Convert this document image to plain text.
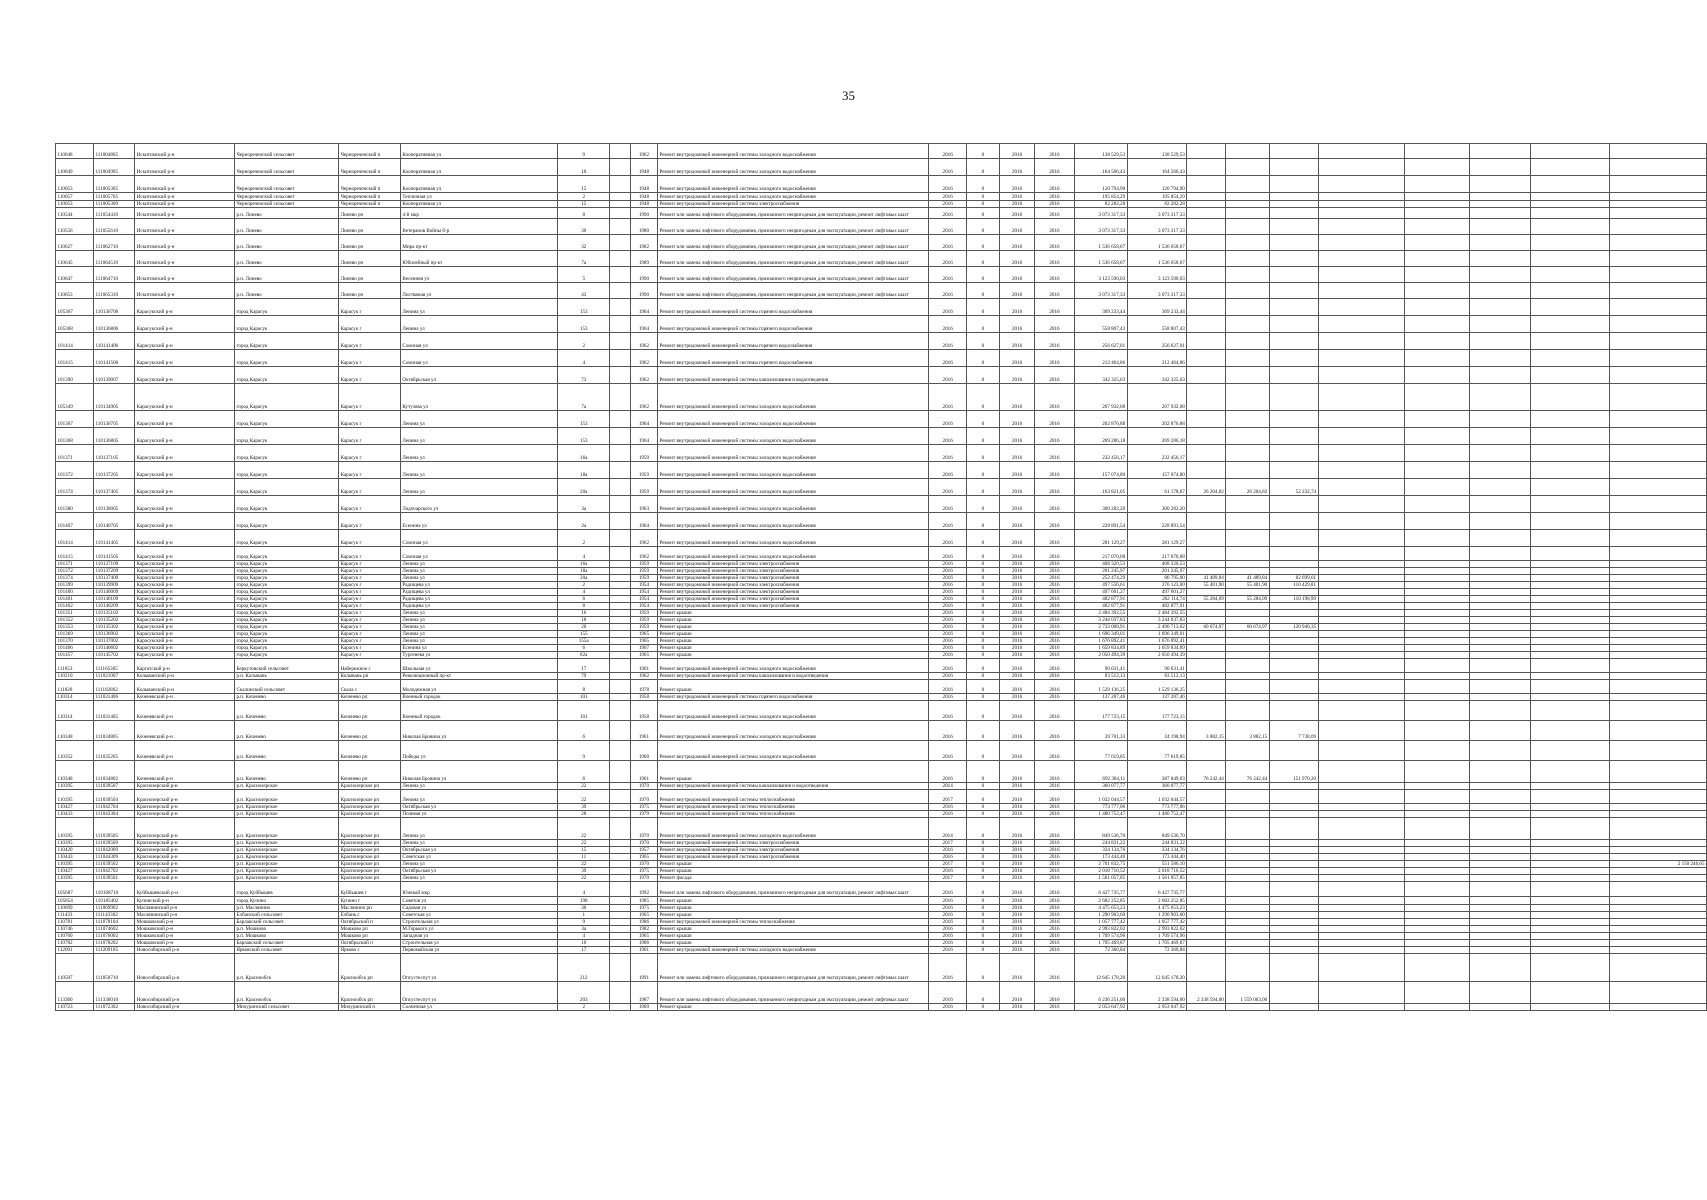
35
110048	111004805	Искитимский р-н	Чернореченский сельсовет	Чернореченский п	Кооперативная ул	9		1962	Ремонт внутридомовой инженерной системы холодного водоснабжения	2016	0	2016	2016	138 529,53	138 529,53								
110049	111004905	Искитимский р-н	Чернореченский сельсовет	Чернореченский п	Кооперативная ул	10		1948	Ремонт внутридомовой инженерной системы холодного водоснабжения	2016	0	2016	2016	164 566,43	164 566,43								
110053	111005305	Искитимский р-н	Чернореченский сельсовет	Чернореченский п	Кооперативная ул	15		1948	Ремонт внутридомовой инженерной системы холодного водоснабжения	2016	0	2016	2016	120 794,90	120 794,90								
110057	111005705	Искитимский р-н	Чернореченский сельсовет	Чернореченский п	Тепличная ул	2		1948	Ремонт внутридомовой инженерной системы холодного водоснабжения	2016	0	2016	2016	195 854,29	195 854,29								
110053	111005309	Искитимский р-н	Чернореченский сельсовет	Чернореченский п	Кооперативная ул	15		1948	Ремонт внутридомовой инженерной системы электроснабжения	2016	0	2016	2016	82 282,28	82 282,28								
110544	111054410	Искитимский р-н	р.п. Линево	Линево рп	4-й мкр	8		1990	Ремонт или замена лифтового оборудования, признанного непригодным для эксплуатации, ремонт лифтовых шахт	2016	0	2016	2016	3 073 317,33	3 073 317,33								
110556	111055610	Искитимский р-н	р.п. Линево	Линево рп	Ветеранов Войны б-р	30		1980	Ремонт или замена лифтового оборудования, признанного непригодным для эксплуатации, ремонт лифтовых шахт	2016	0	2016	2016	3 073 317,33	3 073 317,33								
110627	111062710	Искитимский р-н	р.п. Линево	Линево рп	Мира пр-кт	32		1982	Ремонт или замена лифтового оборудования, признанного непригодным для эксплуатации, ремонт лифтовых шахт	2016	0	2016	2016	1 536 658,67	1 536 658,67								
110645	111064510	Искитимский р-н	р.п. Линево	Линево рп	Юбилейный пр-кт	7а		1989	Ремонт или замена лифтового оборудования, признанного непригодным для эксплуатации, ремонт лифтовых шахт	2016	0	2016	2016	1 536 658,67	1 536 658,67								
110647	111064710	Искитимский р-н	р.п. Линево	Линево рп	Весенняя ул	5		1990	Ремонт или замена лифтового оборудования, признанного непригодным для эксплуатации, ремонт лифтовых шахт	2016	0	2016	2016	3 123 590,03	3 123 590,03								
110653	111065310	Искитимский р-н	р.п. Линево	Линево рп	Листвяная ул	43		1990	Ремонт или замена лифтового оборудования, признанного непригодным для эксплуатации, ремонт лифтовых шахт	2016	0	2016	2016	3 073 317,33	3 073 317,33								
105367	110136706	Карасукский р-н	город Карасук	Карасук г	Ленина ул	153		1964	Ремонт внутридомовой инженерной системы горячего водоснабжения	2016	0	2016	2016	369 233,44	369 233,44								
105368	110136806	Карасукский р-н	город Карасук	Карасук г	Ленина ул	153		1964	Ремонт внутридомовой инженерной системы горячего водоснабжения	2016	0	2016	2016	558 807,43	558 807,43								
101414	110141406	Карасукский р-н	город Карасук	Карасук г	Союзная ул	2		1962	Ремонт внутридомовой инженерной системы горячего водоснабжения	2016	0	2016	2016	256 627,01	256 627,01								
101415	110141506	Карасукский р-н	город Карасук	Карасук г	Союзная ул	4		1962	Ремонт внутридомовой инженерной системы горячего водоснабжения	2016	0	2016	2016	212 464,86	212 464,86								
101390	110139007	Карасукский р-н	город Карасук	Карасук г	Октябрьская ул	73		1962	Ремонт внутридомовой инженерной системы канализования и водоотведения	2016	0	2016	2016	342 325,63	342 325,63								
105349	110134905	Карасукский р-н	город Карасук	Карасук г	Кутузова ул	7а		1962	Ремонт внутридомовой инженерной системы холодного водоснабжения	2016	0	2016	2016	207 932,08	207 932,08								
101367	110136705	Карасукский р-н	город Карасук	Карасук г	Ленина ул	153		1964	Ремонт внутридомовой инженерной системы холодного водоснабжения	2016	0	2016	2016	202 876,88	202 876,88								
101368	110136805	Карасукский р-н	город Карасук	Карасук г	Ленина ул	153		1964	Ремонт внутридомовой инженерной системы холодного водоснабжения	2016	0	2016	2016	269 286,18	269 286,18								
101371	110137105	Карасукский р-н	город Карасук	Карасук г	Ленина ул	16а		1959	Ремонт внутридомовой инженерной системы холодного водоснабжения	2016	0	2016	2016	232 456,17	232 456,17								
101372	110137205	Карасукский р-н	город Карасук	Карасук г	Ленина ул	18а		1959	Ремонт внутридомовой инженерной системы холодного водоснабжения	2016	0	2016	2016	157 074,80	157 074,80								
101374	110137405	Карасукский р-н	город Карасук	Карасук г	Ленина ул	20а		1959	Ремонт внутридомовой инженерной системы холодного водоснабжения	2016	0	2016	2016	163 821,05	61 178,67	26 204,82	26 204,82	52 232,74					
101380	110138005	Карасукский р-н	город Карасук	Карасук г	Лодочарского ул	3а		1963	Ремонт внутридомовой инженерной системы холодного водоснабжения	2016	0	2016	2016	300 282,20	300 282,20								
101407	110140705	Карасукский р-н	город Карасук	Карасук г	Есенина ул	2а		1964	Ремонт внутридомовой инженерной системы холодного водоснабжения	2016	0	2016	2016	228 891,54	228 891,54								
101414	110141405	Карасукский р-н	город Карасук	Карасук г	Союзная ул	2		1962	Ремонт внутридомовой инженерной системы холодного водоснабжения	2016	0	2016	2016	281 129,27	281 129,27								
101415	110141505	Карасукский р-н	город Карасук	Карасук г	Союзная ул	4		1962	Ремонт внутридомовой инженерной системы холодного водоснабжения	2016	0	2016	2016	217 070,08	217 070,08								
101371	110137109	Карасукский р-н	город Карасук	Карасук г	Ленина ул	16а		1959	Ремонт внутридомовой инженерной системы электроснабжения	2016	0	2016	2016	408 320,53	408 320,53								
101372	110137209	Карасукский р-н	город Карасук	Карасук г	Ленина ул	18а		1959	Ремонт внутридомовой инженерной системы электроснабжения	2016	0	2016	2016	201 245,97	201 245,97								
101374	110137409	Карасукский р-н	город Карасук	Карасук г	Ленина ул	20а		1959	Ремонт внутридомовой инженерной системы электроснабжения	2016	0	2016	2016	252 474,29	86 795,00	41 489,84	41 489,84	82 699,61					
101399	110139909	Карасукский р-н	город Карасук	Карасук г	Радищева ул	2		1954	Ремонт внутридомовой инженерной системы электроснабжения	2016	0	2016	2016	497 556,61	276 123,00	55 401,90	55 401,90	110 429,81					
101400	110140009	Карасукский р-н	город Карасук	Карасук г	Радищева ул	4		1954	Ремонт внутридомовой инженерной системы электроснабжения	2016	0	2016	2016	497 601,27	497 601,27								
101401	110140109	Карасукский р-н	город Карасук	Карасук г	Радищева ул	6		1954	Ремонт внутридомовой инженерной системы электроснабжения	2016	0	2016	2016	482 877,91	262 114,74	55 284,09	55 284,09	110 198,99					
101402	110140209	Карасукский р-н	город Карасук	Карасук г	Радищева ул	8		1954	Ремонт внутридомовой инженерной системы электроснабжения	2016	0	2016	2016	482 877,91	482 877,91								
101351	110135102	Карасукский р-н	город Карасук	Карасук г	Ленина ул	16		1959	Ремонт крыши	2016	0	2016	2016	2 484 392,55	2 484 392,55								
101352	110135202	Карасукский р-н	город Карасук	Карасук г	Ленина ул	18		1959	Ремонт крыши	2016	0	2016	2016	3 244 037,83	3 244 037,83								
101353	110135302	Карасукский р-н	город Карасук	Карасук г	Ленина ул	20		1959	Ремонт крыши	2016	0	2016	2016	2 733 008,91	2 490 713,62	60 674,97	60 674,97	120 940,35					
101369	110136902	Карасукский р-н	город Карасук	Карасук г	Ленина ул	155		1965	Ремонт крыши	2016	0	2016	2016	1 696 349,01	1 696 349,01								
101370	110137002	Карасукский р-н	город Карасук	Карасук г	Ленина ул	155а		1965	Ремонт крыши	2016	0	2016	2016	1 676 892,41	1 676 892,41								
101406	110140602	Карасукский р-н	город Карасук	Карасук г	Есенина ул	6		1967	Ремонт крыши	2016	0	2016	2016	1 659 834,89	1 659 834,89								
101457	110145702	Карасукский р-н	город Карасук	Карасук г	Тургенева ул	82а		1965	Ремонт крыши	2016	0	2016	2016	2 050 494,39	2 050 494,39								
111653	111165305	Каргатский р-н	Беркутовский сельсовет	Набережное с	Школьная ул	17		1961	Ремонт внутридомовой инженерной системы холодного водоснабжения	2016	0	2016	2016	90 631,41	90 631,41								
110210	111021007	Колыванский р-н	р.п. Колывань	Колывань рп	Революционный пр-кт	79		1962	Ремонт внутридомовой инженерной системы канализования и водоотведения	2016	0	2016	2016	83 512,13	83 512,13								
111828	111182802	Колыванский р-н	Скалинский сельсовет	Скала с	Молодежная ул	8		1978	Ремонт крыши	2016	0	2016	2016	1 529 136,25	1 529 136,25								
110314	111031406	Коченевский р-н	р.п. Коченево	Коченево рп	Военный городок	101		1958	Ремонт внутридомовой инженерной системы горячего водоснабжения	2016	0	2016	2016	137 287,46	137 287,46								
110314	111031405	Коченевский р-н	р.п. Коченево	Коченево рп	Военный городок	101		1958	Ремонт внутридомовой инженерной системы холодного водоснабжения	2016	0	2016	2016	177 723,15	177 723,15								
110348	111034805	Коченевский р-н	р.п. Коченево	Коченево рп	Николая Бровина ул	6		1961	Ремонт внутридомовой инженерной системы холодного водоснабжения	2016	0	2016	2016	39 701,33	24 198,94	3 882,15	3 882,15	7 738,09					
110352	111035205	Коченевский р-н	р.п. Коченево	Коченево рп	Победы ул	9		1960	Ремонт внутридомовой инженерной системы холодного водоснабжения	2016	0	2016	2016	77 619,85	77 619,85								
110348	111034802	Коченевский р-н	р.п. Коченево	Коченево рп	Николая Бровина ул	6		1961	Ремонт крыши	2016	0	2016	2016	692 304,11	387 849,03	76 242,44	76 242,44	151 970,20					
110395	111039507	Краснозерский р-н	р.п. Краснозерское	Краснозерское рп	Ленина ул	22		1970	Ремонт внутридомовой инженерной системы канализования и водоотведения	2014	0	2016	2016	360 077,77	360 077,77								
110395	111039504	Краснозерский р-н	р.п. Краснозерское	Краснозерское рп	Ленина ул	22		1970	Ремонт внутридомовой инженерной системы теплоснабжения	2017	0	2016	2016	1 032 044,57	1 032 044,57								
110427	111042704	Краснозерский р-н	р.п. Краснозерское	Краснозерское рп	Октябрьская ул	39		1975	Ремонт внутридомовой инженерной системы теплоснабжения	2016	0	2016	2016	773 777,06	773 777,06								
110433	111043304	Краснозерский р-н	р.п. Краснозерское	Краснозерское рп	Полевая ул	28		1979	Ремонт внутридомовой инженерной системы теплоснабжения	2016	0	2016	2016	1 480 752,47	1 480 752,47								
110395	111039505	Краснозерский р-н	р.п. Краснозерское	Краснозерское рп	Ленина ул	22		1970	Ремонт внутридомовой инженерной системы холодного водоснабжения	2014	0	2016	2016	849 536,70	849 536,70								
110395	111039509	Краснозерский р-н	р.п. Краснозерское	Краснозерское рп	Ленина ул	22		1970	Ремонт внутридомовой инженерной системы электроснабжения	2017	0	2016	2016	244 831,22	244 831,22								
110420	111042009	Краснозерский р-н	р.п. Краснозерское	Краснозерское рп	Октябрьская ул	15		1957	Ремонт внутридомовой инженерной системы электроснабжения	2016	0	2016	2016	334 134,76	334 134,76								
110443	111044309	Краснозерский р-н	р.п. Краснозерское	Краснозерское рп	Советская ул	11		1965	Ремонт внутридомовой инженерной системы электроснабжения	2016	0	2016	2016	173 444,40	173 444,40								
110395	111039502	Краснозерский р-н	р.п. Краснозерское	Краснозерское рп	Ленина ул	22		1970	Ремонт крыши	2017	0	2016	2016	2 701 832,75	551 586,10								2 150 246,65
110427	111042702	Краснозерский р-н	р.п. Краснозерское	Краснозерское рп	Октябрьская ул	39		1975	Ремонт крыши	2016	0	2016	2016	2 018 710,52	2 018 710,52								
110395	111039501	Краснозерский р-н	р.п. Краснозерское	Краснозерское рп	Ленина ул	22		1970	Ремонт фасада	2017	0	2016	2016	1 561 057,85	1 561 057,85								
105687	110168710	Куйбышевский р-н	город Куйбышев	Куйбышев г	Южный мкр	4		1992	Ремонт или замена лифтового оборудования, признанного непригодным для эксплуатации, ремонт лифтовых шахт	2016	0	2016	2016	6 427 735,77	6 427 735,77								
105854	110185402	Купинский р-н	город Купино	Купино г	Советов ул	198		1985	Ремонт крыши	2016	0	2016	2016	2 682 252,85	2 682 252,85								
110699	111069902	Маслянинский р-н	р.п. Маслянино	Маслянино рп	Садовая ул	30		1975	Ремонт крыши	2016	0	2016	2016	4 475 653,23	4 475 653,23								
111433	111143302	Маслянинский р-н	Елбанский сельсовет	Елбань с	Советская ул	1		1965	Ремонт крыши	2016	0	2016	2016	1 290 903,60	1 290 903,60								
110781	111078104	Мошковский р-н	Барлакский сельсовет	Октябрьский п	Строительная ул	9		1986	Ремонт внутридомовой инженерной системы теплоснабжения	2016	0	2016	2016	1 057 777,42	1 057 777,42								
110746	111074602	Мошковский р-н	р.п. Мошково	Мошково рп	М.Горького ул	3а		1982	Ремонт крыши	2016	0	2016	2016	2 993 822,02	2 993 822,02								
110760	111076002	Мошковский р-н	р.п. Мошково	Мошково рп	Западная ул	4		1965	Ремонт крыши	2016	0	2016	2016	1 709 574,96	1 709 574,96								
110782	111078202	Мошковский р-н	Барлакский сельсовет	Октябрьский п	Строительная ул	10		1986	Ремонт крыши	2016	0	2016	2016	1 705 469,87	1 705 469,87								
112091	111209105	Новосибирский р-н	Ярковский сельсовет	Ярково с	Первомайская ул	17		1961	Ремонт внутридомовой инженерной системы холодного водоснабжения	2016	0	2016	2016	72 360,84	72 360,84								
110507	111050710	Новосибирский р-н	р.п. Краснообск	Краснообск рп	Опсустеспут ул	212		1991	Ремонт или замена лифтового оборудования, признанного непригодным для эксплуатации, ремонт лифтовых шахт	2016	0	2016	2016	12 645 178,20	12 645 178,20								
113360	111336010	Новосибирский р-н	р.п. Краснообск	Краснообск рп	Опсустеспут ул	203		1987	Ремонт или замена лифтового оборудования, признанного непригодным для эксплуатации, ремонт лифтовых шахт	2016	0	2016	2016	6 236 251,00	2 338 594,00	2 338 594,00	1 559 063,00						
110723	111072302	Новосибирский р-н	Мичуринский сельсовет	Мичуринский п	Солнечная ул	2		1969	Ремонт крыши	2016	0	2016	2016	2 053 647,92	2 053 647,92								
